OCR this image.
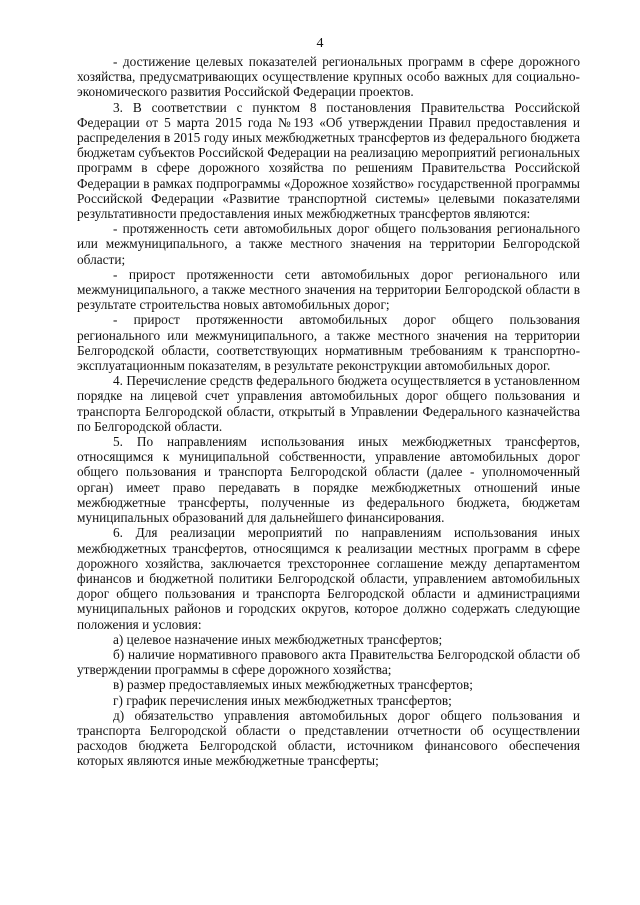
4

- достижение целевых показателей региональных программ в сфере дорожного хозяйства, предусматривающих осуществление крупных особо важных для социально-экономического развития Российской Федерации проектов.

3. В соответствии с пунктом 8 постановления Правительства Российской Федерации от 5 марта 2015 года №193 «Об утверждении Правил предоставления и распределения в 2015 году иных межбюджетных трансфертов из федерального бюджета бюджетам субъектов Российской Федерации на реализацию мероприятий региональных программ в сфере дорожного хозяйства по решениям Правительства Российской Федерации в рамках подпрограммы «Дорожное хозяйство» государственной программы Российской Федерации «Развитие транспортной системы» целевыми показателями результативности предоставления иных межбюджетных трансфертов являются:

- протяженность сети автомобильных дорог общего пользования регионального или межмуниципального, а также местного значения на территории Белгородской области;

- прирост протяженности сети автомобильных дорог регионального или межмуниципального, а также местного значения на территории Белгородской области в результате строительства новых автомобильных дорог;

- прирост протяженности автомобильных дорог общего пользования регионального или межмуниципального, а также местного значения на территории Белгородской области, соответствующих нормативным требованиям к транспортно-эксплуатационным показателям, в результате реконструкции автомобильных дорог.

4. Перечисление средств федерального бюджета осуществляется в установленном порядке на лицевой счет управления автомобильных дорог общего пользования и транспорта Белгородской области, открытый в Управлении Федерального казначейства по Белгородской области.

5. По направлениям использования иных межбюджетных трансфертов, относящимся к муниципальной собственности, управление автомобильных дорог общего пользования и транспорта Белгородской области (далее - уполномоченный орган) имеет право передавать в порядке межбюджетных отношений иные межбюджетные трансферты, полученные из федерального бюджета, бюджетам муниципальных образований для дальнейшего финансирования.

6. Для реализации мероприятий по направлениям использования иных межбюджетных трансфертов, относящимся к реализации местных программ в сфере дорожного хозяйства, заключается трехстороннее соглашение между департаментом финансов и бюджетной политики Белгородской области, управлением автомобильных дорог общего пользования и транспорта Белгородской области и администрациями муниципальных районов и городских округов, которое должно содержать следующие положения и условия:

а) целевое назначение иных межбюджетных трансфертов;

б) наличие нормативного правового акта Правительства Белгородской области об утверждении программы в сфере дорожного хозяйства;

в) размер предоставляемых иных межбюджетных трансфертов;

г) график перечисления иных межбюджетных трансфертов;

д) обязательство управления автомобильных дорог общего пользования и транспорта Белгородской области о представлении отчетности об осуществлении расходов бюджета Белгородской области, источником финансового обеспечения которых являются иные межбюджетные трансферты;
